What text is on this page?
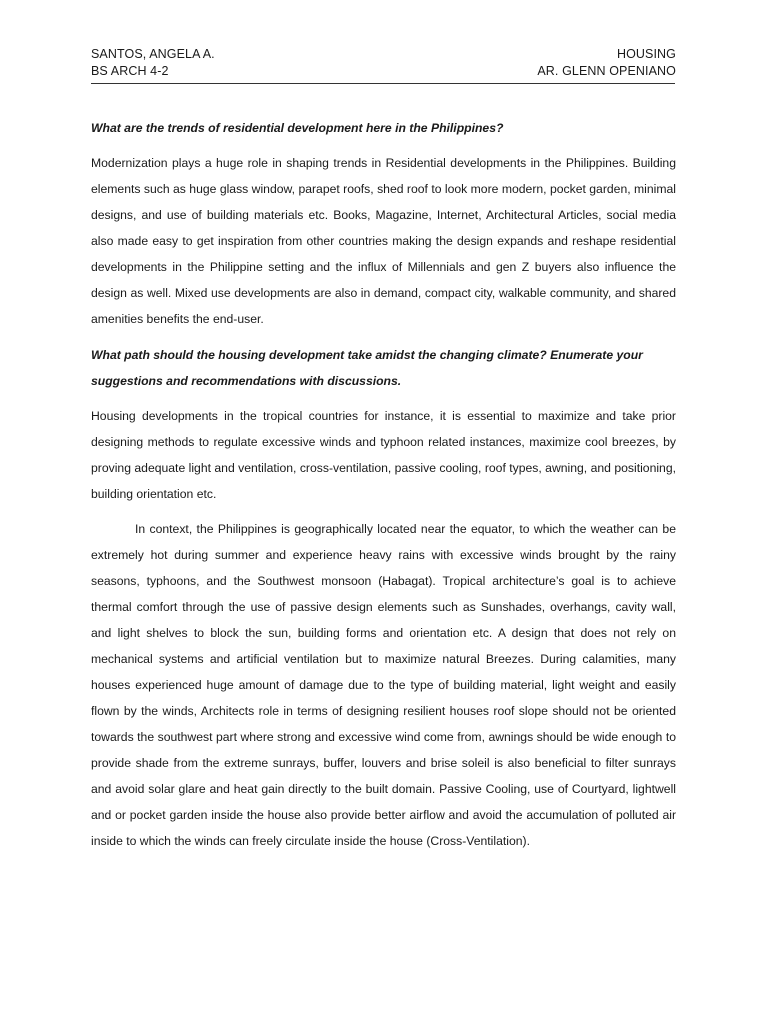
SANTOS, ANGELA A.
BS ARCH 4-2
HOUSING
AR. GLENN OPENIANO

What are the trends of residential development here in the Philippines?

Modernization plays a huge role in shaping trends in Residential developments in the Philippines. Building elements such as huge glass window, parapet roofs, shed roof to look more modern, pocket garden, minimal designs, and use of building materials etc. Books, Magazine, Internet, Architectural Articles, social media also made easy to get inspiration from other countries making the design expands and reshape residential developments in the Philippine setting and the influx of Millennials and gen Z buyers also influence the design as well. Mixed use developments are also in demand, compact city, walkable community, and shared amenities benefits the end-user.

What path should the housing development take amidst the changing climate? Enumerate your suggestions and recommendations with discussions.

Housing developments in the tropical countries for instance, it is essential to maximize and take prior designing methods to regulate excessive winds and typhoon related instances, maximize cool breezes, by proving adequate light and ventilation, cross-ventilation, passive cooling, roof types, awning, and positioning, building orientation etc.

In context, the Philippines is geographically located near the equator, to which the weather can be extremely hot during summer and experience heavy rains with excessive winds brought by the rainy seasons, typhoons, and the Southwest monsoon (Habagat). Tropical architecture’s goal is to achieve thermal comfort through the use of passive design elements such as Sunshades, overhangs, cavity wall, and light shelves to block the sun, building forms and orientation etc. A design that does not rely on mechanical systems and artificial ventilation but to maximize natural Breezes. During calamities, many houses experienced huge amount of damage due to the type of building material, light weight and easily flown by the winds, Architects role in terms of designing resilient houses roof slope should not be oriented towards the southwest part where strong and excessive wind come from, awnings should be wide enough to provide shade from the extreme sunrays, buffer, louvers and brise soleil is also beneficial to filter sunrays and avoid solar glare and heat gain directly to the built domain. Passive Cooling, use of Courtyard, lightwell and or pocket garden inside the house also provide better airflow and avoid the accumulation of polluted air inside to which the winds can freely circulate inside the house (Cross-Ventilation).
